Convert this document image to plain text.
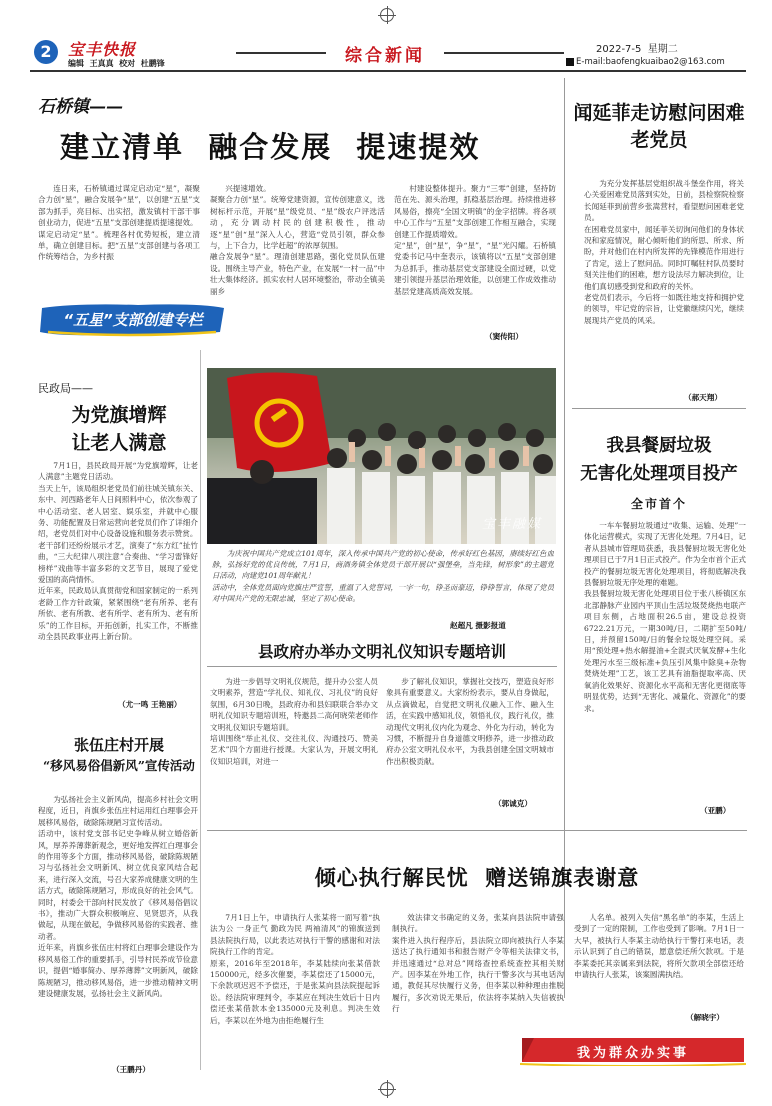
2	宝丰快报
编辑  王真真  校对  杜鹏锋	综合新闻	2022-7-5 星期二
E-mail:baofengkuaibao2@163.com
石桥镇——
建立清单  融合发展  提速提效
连日来，石桥镇通过谋定启动定“星”，凝聚合力创“星”，融合发展争“星”，以创建“五星”支部为抓手，亮目标、出实招，激发镇村干部干事创业动力，促进“五星”支部创建提质提速提效。
谋定启动定“星”。梳理各村优势短板，建立清单，确立创建目标。把“五星”支部创建与各项工作统筹结合，为乡村振
兴提速增效。
凝聚合力创“星”。统筹党建资源，宣传创建意义，选树标杆示范，开展“星”级党员、“星”级农户评选活动，充分调动村民的创建积极性，推动逐“星”创“星”深入人心，营造“党员引领，群众参与，上下合力，比学赶超”的浓厚氛围。
融合发展争“星”。理清创建思路，强化党员队伍建设。围绕主导产业，特色产业，在发展“一村一品”中壮大集体经济。抓实农村人居环境整治，带动全镇美丽乡
村建设整体提升。聚力“三零”创建，坚持防范在先、源头治理，抓稳基层治理。持续推进移风易俗，擦亮“全国文明镇”的金字招牌。将各项中心工作与“五星”支部创建工作相互融合，实现创建工作提质增效。
定“星”，创“星”，争“星”，“星”光闪耀。石桥镇党委书记马中奎表示，该镇将以“五星”支部创建为总抓手，推动基层党支部建设全面过硬，以党建引领提升基层治理效能，以创建工作成效推动基层党建高质高效发展。
（窦传阳）
“五星”支部创建专栏
闻延菲走访慰问困难老党员
为充分发挥基层党组织战斗堡垒作用，将关心关爱困难党员落到实处，日前，县检察院检察长闻延菲到前营乡张嵩营村，看望慰问困难老党员。
在困难党员家中，闻延菲关切询问他们的身体状况和家庭情况，耐心倾听他们的所思、所求、所盼，并对他们在村内所发挥的先锋模范作用进行了肯定，送上了慰问品。同时叮嘱驻村队员要时刻关注他们的困难，想方设法尽力解决到位，让他们真切感受到党和政府的关怀。
老党员们表示，今后将一如既往地支持和拥护党的领导，牢记党的宗旨，让党徽继续闪光，继续展现共产党员的风采。
（郝天翔）
民政局——
为党旗增辉
让老人满意
7月1日，县民政局开展“为党旗增辉，让老人满意”主题党日活动。
当天上午，该局组织老党员们前往城关镇东关、东中、河西路老年人日间照料中心，依次参观了中心活动室、老人居室、娱乐室，并就中心服务、功能配置及日常运营向老党员们作了详细介绍，老党员们对中心设备设施和服务表示赞赏。
老干部们还纷纷展示才艺，演奏了“东方红”扯竹曲，“三大纪律八项注意”合奏曲、“学习雷锋好榜样”戏曲等丰富多彩的文艺节目，展现了爱党爱国的高尚情怀。
近年来，民政局认真贯彻党和国家制定的一系列老龄工作方针政策，紧紧围绕“老有所养、老有所依、老有所教、老有所学、老有所为、老有所乐”的工作目标，开拓创新，扎实工作，不断推动全县民政事业再上新台阶。
（尤一鸣 王艳丽）
宝丰融媒
为庆祝中国共产党成立101周年，深入传承中国共产党的初心使命，传承好红色基因，赓续好红色血脉，弘扬好党的优良传统，7月1日，商酒务镇全体党员干部开展以“强堡垒，当先锋，树形象”的主题党日活动，向建党101周年献礼！
活动中，全体党员面向党旗庄严宣誓，重温了入党誓词，一字一句，铮圣而豪迈，铮铮誓言，体现了党员对中国共产党的无限忠诚，坚定了初心使命。
赵超凡 摄影报道
县政府办举办文明礼仪知识专题培训
为进一步倡导文明礼仪规范，提升办公室人员文明素养，营造“学礼仪、知礼仪、习礼仪”的良好氛围，6月30日晚，县政府办和县妇联联合举办文明礼仪知识专题培训班，特邀县二高何晓荣老师作文明礼仪知识专题培训。
培训围绕“举止礼仪、交往礼仪、沟通技巧、赞美艺术”四个方面进行授课。大家认为，开展文明礼仪知识培训，对进一
步了解礼仪知识，掌握社交技巧，塑造良好形象具有重要意义。大家纷纷表示，要从自身做起，从点滴做起，自觉把文明礼仪融入工作、融入生活，在实践中感知礼仪，领悟礼仪，践行礼仪，推动现代文明礼仪内化为观念、外化为行动，转化为习惯，不断提升自身道德文明修养，进一步推动政府办公室文明礼仪水平，为我县创建全国文明城市作出积极贡献。
（郭诚克）
我县餐厨垃圾
无害化处理项目投产
全市首个
一车车餐厨垃圾通过“收集、运输、处理”一体化运营模式，实现了无害化处理。7月4日，记者从县城市管理局获悉，我县餐厨垃圾无害化处理项目已于7月1日正式投产。作为全市首个正式投产的餐厨垃圾无害化处理项目，将彻底解决我县餐厨垃圾无序处理的难题。
我县餐厨垃圾无害化处理项目位于张八桥镇区东北部静脉产业园内平顶山生活垃圾焚烧热电联产项目东侧，占地面积26.5亩，建设总投资6722.21万元，一期30吨/日，二期扩至50吨/日，并预留150吨/日的餐余垃圾处理空间。采用“预处理+热水解提油+全混式厌氧发酵+生化处理污水至三级标准+负压引风集中除臭+杂物焚烧处理”工艺，该工艺具有油脂提取率高、厌氧消化效果好、资源化水平高和无害化更彻底等明显优势，达到“无害化、减量化、资源化”的要求。
（亚鹏）
张伍庄村开展
“移风易俗倡新风”宣传活动
为弘扬社会主义新风尚，提高乡村社会文明程度，近日，肖旗乡张伍庄村运用红白理事会开展移风易俗，破除陈规陋习宣传活动。
活动中，该村党支部书记史争峰从树立婚俗新风，厚养养薄葬新观念，更好地发挥红白理事会的作用等多个方面，推动移风易俗，破除陈规陋习与弘扬社会文明新风、树立优良家风结合起来，进行深入交流，号召大家养成健康文明的生活方式，破除陈规陋习，形成良好的社会风气。同时，村委会干部向村民发放了《移风易俗倡议书》，推动广大群众积极响应、见贤思齐，从我做起，从现在做起，争做移风易俗的实践者、推动者。
近年来，肖旗乡张伍庄村将红白理事会建设作为移风易俗工作的重要抓手，引导村民养成节俭意识，提倡“婚事简办、厚养薄葬”文明新风，破除陈规陋习，推动移风易俗，进一步推动精神文明建设健康发展，弘扬社会主义新风尚。
（王鹏丹）
倾心执行解民忧  赠送锦旗表谢意
7月1日上午，申请执行人张某将一面写着“执法为公 一身正气 勤政为民 两袖清风”的锦旗送到县法院执行局，以此表达对执行干警的感谢和对法院执行工作的肯定。
原来，2016年至2018年，李某陆续向张某借款150000元，经多次催要，李某偿还了15000元，下余款项迟迟不予偿还，于是张某向县法院提起诉讼。经法院审理判令，李某应在判决生效后十日内偿还张某借款本金135000元及利息。判决生效后，李某以在外地为由拒绝履行生
效法律文书确定的义务，张某向县法院申请强制执行。
案件进入执行程序后，县法院立即向被执行人李某送达了执行通知书和报告财产令等相关法律文书，并迅速通过“总对总”网络查控系统查控其相关财产。因李某在外地工作，执行干警多次与其电话沟通，教促其尽快履行义务，但李某以种种理由推脱履行，多次劝说无果后，依法将李某纳入失信被执行
人名单。被列入失信“黑名单”的李某，生活上受到了一定的限制，工作也受到了影响。7月1日一大早，被执行人李某主动给执行干警打来电话，表示认识到了自己的错误，愿意偿还所欠款项。于是李某委托其亲属来到法院，将所欠款项全部偿还给申请执行人张某，该案圆满执结。
（解晓宇）
我为群众办实事
